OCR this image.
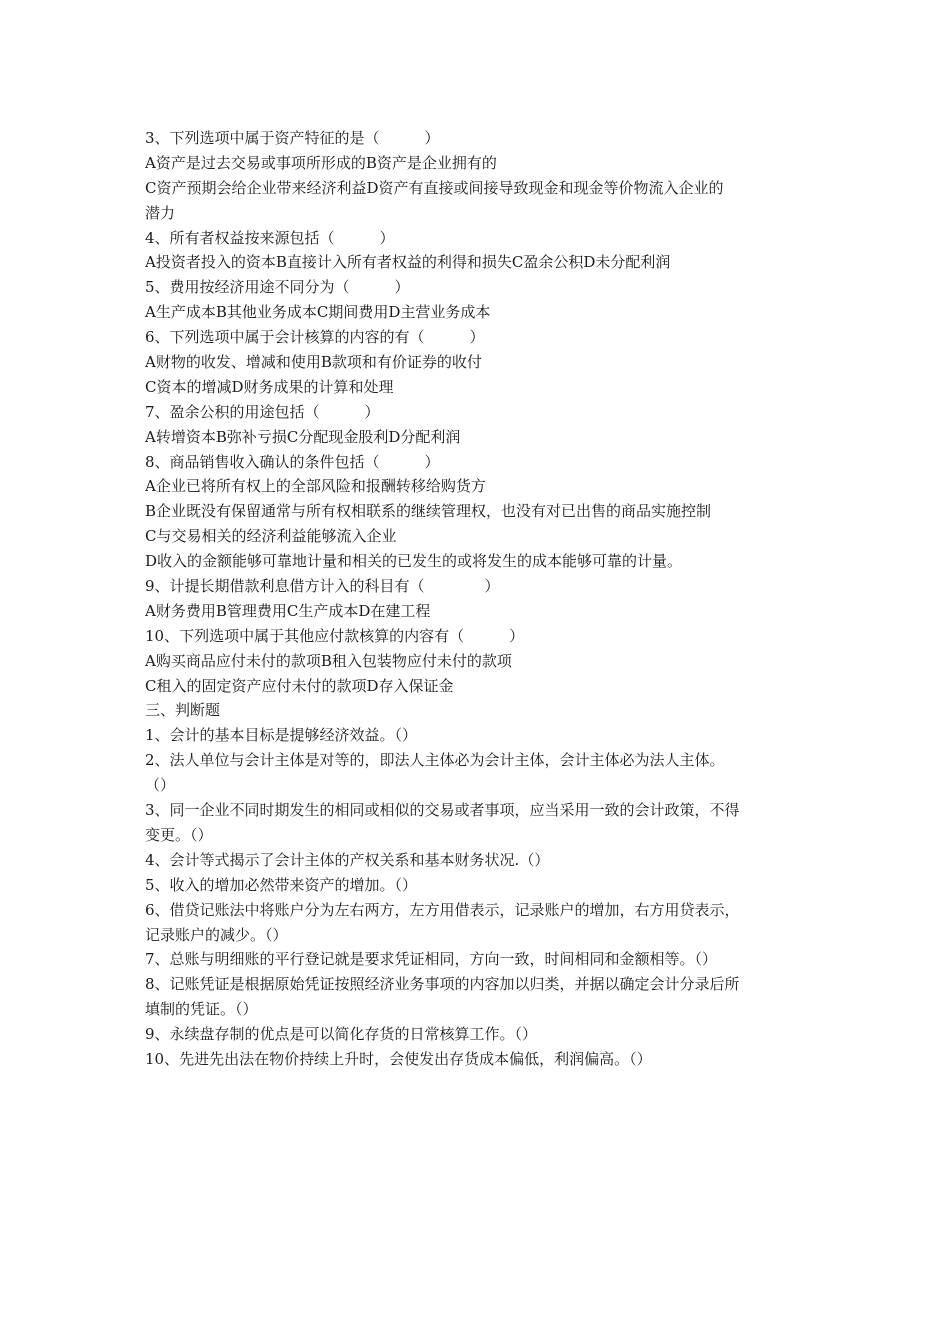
3、下列选项中属于资产特征的是（　　　）
A资产是过去交易或事项所形成的B资产是企业拥有的
C资产预期会给企业带来经济利益D资产有直接或间接导致现金和现金等价物流入企业的
潜力
4、所有者权益按来源包括（　　　）
A投资者投入的资本B直接计入所有者权益的利得和损失C盈余公积D未分配利润
5、费用按经济用途不同分为（　　　）
A生产成本B其他业务成本C期间费用D主营业务成本
6、下列选项中属于会计核算的内容的有（　　　）
A财物的收发、增减和使用B款项和有价证券的收付
C资本的增减D财务成果的计算和处理
7、盈余公积的用途包括（　　　）
A转增资本B弥补亏损C分配现金股利D分配利润
8、商品销售收入确认的条件包括（　　　）
A企业已将所有权上的全部风险和报酬转移给购货方
B企业既没有保留通常与所有权相联系的继续管理权，也没有对已出售的商品实施控制
C与交易相关的经济利益能够流入企业
D收入的金额能够可靠地计量和相关的已发生的或将发生的成本能够可靠的计量。
9、计提长期借款利息借方计入的科目有（　　　　）
A财务费用B管理费用C生产成本D在建工程
10、下列选项中属于其他应付款核算的内容有（　　　）
A购买商品应付未付的款项B租入包装物应付未付的款项
C租入的固定资产应付未付的款项D存入保证金
三、判断题
1、会计的基本目标是提够经济效益。（）
2、法人单位与会计主体是对等的，即法人主体必为会计主体，会计主体必为法人主体。
（）
3、同一企业不同时期发生的相同或相似的交易或者事项，应当采用一致的会计政策，不得
变更。（）
4、会计等式揭示了会计主体的产权关系和基本财务状况.（）
5、收入的增加必然带来资产的增加。（）
6、借贷记账法中将账户分为左右两方，左方用借表示，记录账户的增加，右方用贷表示，
记录账户的减少。（）
7、总账与明细账的平行登记就是要求凭证相同，方向一致，时间相同和金额相等。（）
8、记账凭证是根据原始凭证按照经济业务事项的内容加以归类，并据以确定会计分录后所
填制的凭证。（）
9、永续盘存制的优点是可以简化存货的日常核算工作。（）
10、先进先出法在物价持续上升时，会使发出存货成本偏低，利润偏高。（）
